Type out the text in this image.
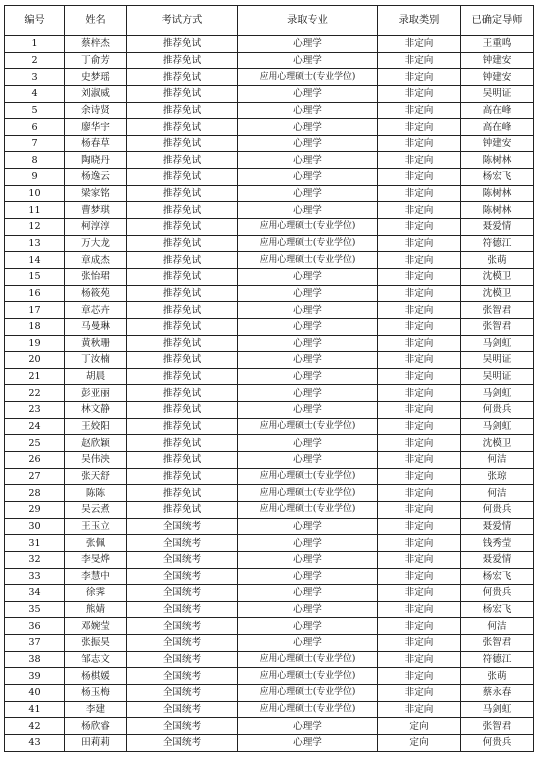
编号	姓名	考试方式	录取专业	录取类别	已确定导师
1	蔡梓杰	推荐免试	心理学	非定向	王重鸣
2	丁俞芳	推荐免试	心理学	非定向	钟建安
3	史梦瑶	推荐免试	应用心理硕士(专业学位)	非定向	钟建安
4	刘淑威	推荐免试	心理学	非定向	吴明证
5	余诗贤	推荐免试	心理学	非定向	高在峰
6	廖华宇	推荐免试	心理学	非定向	高在峰
7	杨春草	推荐免试	心理学	非定向	钟建安
8	陶晓丹	推荐免试	心理学	非定向	陈树林
9	杨逸云	推荐免试	心理学	非定向	杨宏飞
10	梁家铭	推荐免试	心理学	非定向	陈树林
11	曹梦琪	推荐免试	心理学	非定向	陈树林
12	柯淳淳	推荐免试	应用心理硕士(专业学位)	非定向	聂爱情
13	万大龙	推荐免试	应用心理硕士(专业学位)	非定向	符德江
14	章成杰	推荐免试	应用心理硕士(专业学位)	非定向	张萌
15	张怡珺	推荐免试	心理学	非定向	沈模卫
16	杨筱苑	推荐免试	心理学	非定向	沈模卫
17	章芯卉	推荐免试	心理学	非定向	张智君
18	马曼琳	推荐免试	心理学	非定向	张智君
19	黄秋珊	推荐免试	心理学	非定向	马剑虹
20	丁汝楠	推荐免试	心理学	非定向	吴明证
21	胡晨	推荐免试	心理学	非定向	吴明证
22	彭亚丽	推荐免试	心理学	非定向	马剑虹
23	林文静	推荐免试	心理学	非定向	何贵兵
24	王姣阳	推荐免试	应用心理硕士(专业学位)	非定向	马剑虹
25	赵欣颖	推荐免试	心理学	非定向	沈模卫
26	吴伟泱	推荐免试	心理学	非定向	何洁
27	张天舒	推荐免试	应用心理硕士(专业学位)	非定向	张琼
28	陈陈	推荐免试	应用心理硕士(专业学位)	非定向	何洁
29	吴云煮	推荐免试	应用心理硕士(专业学位)	非定向	何贵兵
30	王玉立	全国统考	心理学	非定向	聂爱情
31	张佩	全国统考	心理学	非定向	钱秀莹
32	李旻烨	全国统考	心理学	非定向	聂爱情
33	李慧中	全国统考	心理学	非定向	杨宏飞
34	徐霁	全国统考	心理学	非定向	何贵兵
35	熊婧	全国统考	心理学	非定向	杨宏飞
36	邓婉莹	全国统考	心理学	非定向	何洁
37	张振昊	全国统考	心理学	非定向	张智君
38	邹志文	全国统考	应用心理硕士(专业学位)	非定向	符德江
39	杨棋媛	全国统考	应用心理硕士(专业学位)	非定向	张萌
40	杨玉梅	全国统考	应用心理硕士(专业学位)	非定向	蔡永春
41	李建	全国统考	应用心理硕士(专业学位)	非定向	马剑虹
42	杨欣睿	全国统考	心理学	定向	张智君
43	田莉莉	全国统考	心理学	定向	何贵兵
